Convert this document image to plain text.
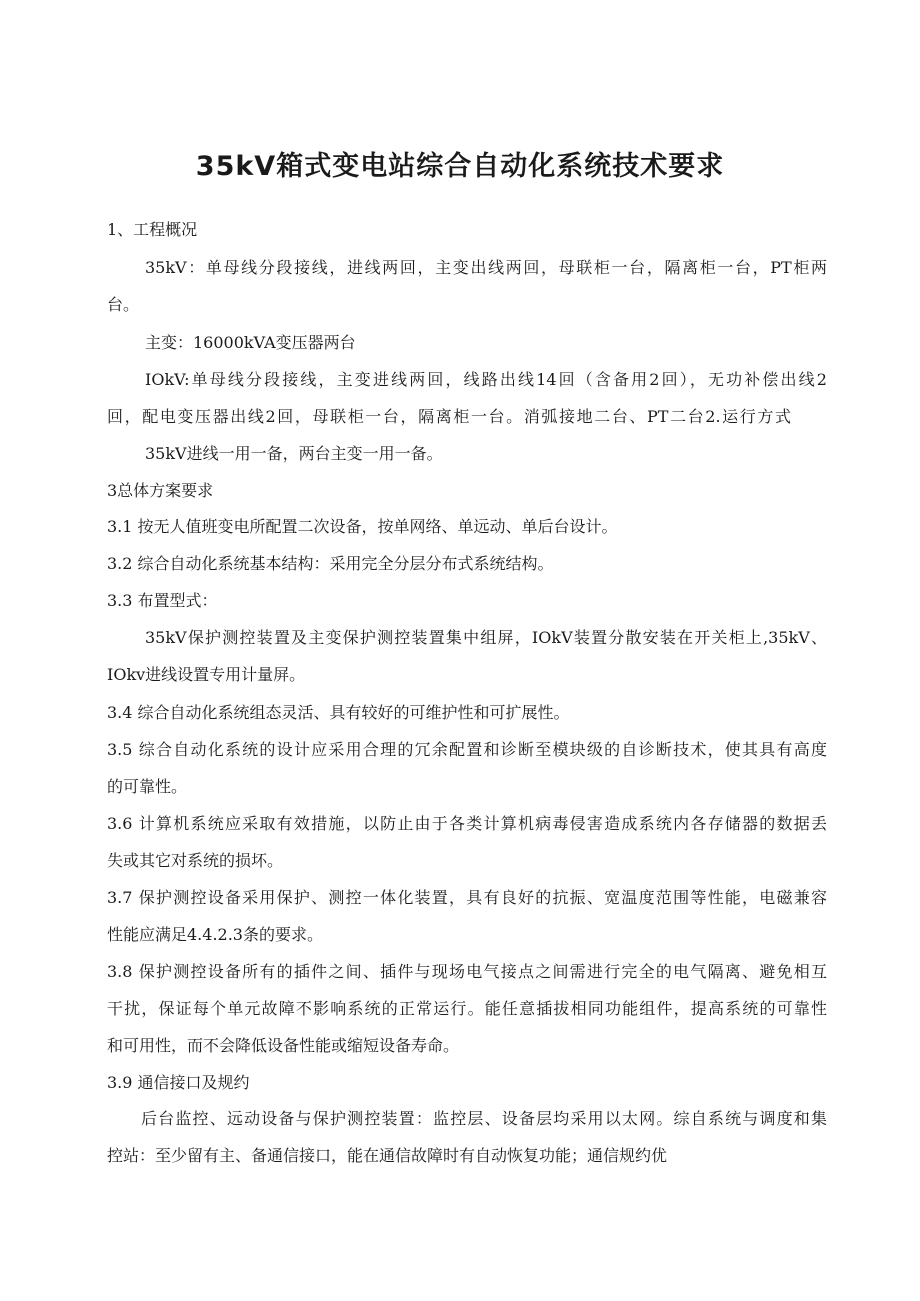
35kV箱式变电站综合自动化系统技术要求
1、工程概况
35kV：单母线分段接线，进线两回，主变出线两回，母联柜一台，隔离柜一台，PT柜两
台。
主变：16000kVA变压器两台
IOkV:单母线分段接线，主变进线两回，线路出线14回（含备用2回），无功补偿出线2
回，配电变压器出线2回，母联柜一台，隔离柜一台。消弧接地二台、PT二台2.运行方式
35kV进线一用一备，两台主变一用一备。
3总体方案要求
3.1 按无人值班变电所配置二次设备，按单网络、单远动、单后台设计。
3.2 综合自动化系统基本结构：采用完全分层分布式系统结构。
3.3 布置型式：
35kV保护测控装置及主变保护测控装置集中组屏，IOkV装置分散安装在开关柜上,35kV、
IOkv进线设置专用计量屏。
3.4 综合自动化系统组态灵活、具有较好的可维护性和可扩展性。
3.5 综合自动化系统的设计应采用合理的冗余配置和诊断至模块级的自诊断技术，使其具有高度
的可靠性。
3.6 计算机系统应采取有效措施，以防止由于各类计算机病毒侵害造成系统内各存储器的数据丢
失或其它对系统的损坏。
3.7 保护测控设备采用保护、测控一体化装置，具有良好的抗振、宽温度范围等性能，电磁兼容
性能应满足4.4.2.3条的要求。
3.8 保护测控设备所有的插件之间、插件与现场电气接点之间需进行完全的电气隔离、避免相互
干扰，保证每个单元故障不影响系统的正常运行。能任意插拔相同功能组件，提高系统的可靠性
和可用性，而不会降低设备性能或缩短设备寿命。
3.9 通信接口及规约
后台监控、远动设备与保护测控装置：监控层、设备层均采用以太网。综自系统与调度和集
控站：至少留有主、备通信接口，能在通信故障时有自动恢复功能；通信规约优
